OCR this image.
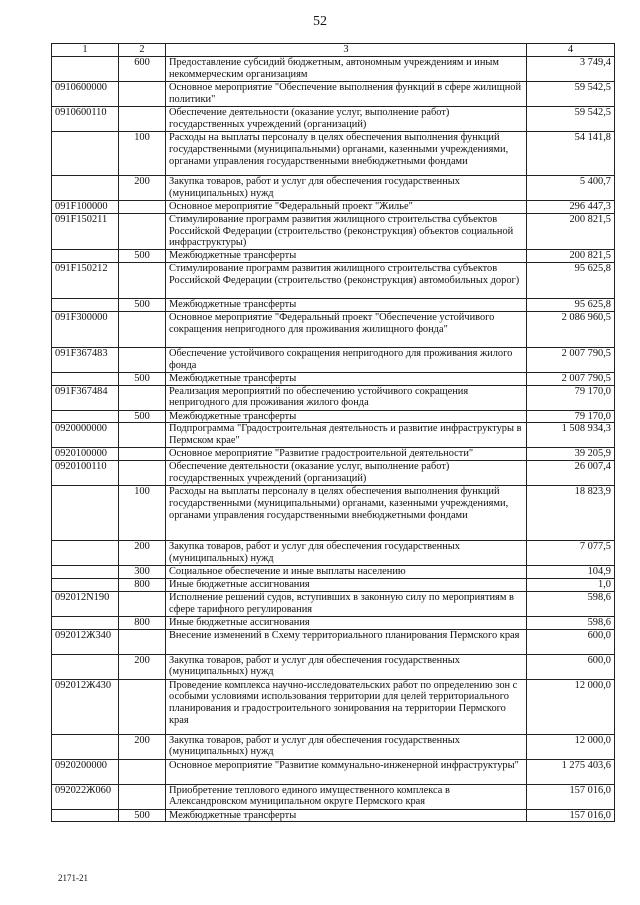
52
1	2	3	4
	600	Предоставление субсидий бюджетным, автономным учреждениям и иным некоммерческим организациям	3 749,4
0910600000		Основное мероприятие "Обеспечение выполнения функций в сфере жилищной политики"	59 542,5
0910600110		Обеспечение деятельности (оказание услуг, выполнение работ) государственных учреждений (организаций)	59 542,5
	100	Расходы на выплаты персоналу в целях обеспечения выполнения функций государственными (муниципальными) органами, казенными учреждениями, органами управления государственными внебюджетными фондами	54 141,8
	200	Закупка товаров, работ и услуг для обеспечения государственных (муниципальных) нужд	5 400,7
091F100000		Основное мероприятие "Федеральный проект "Жилье"	296 447,3
091F150211		Стимулирование программ развития жилищного строительства субъектов Российской Федерации (строительство (реконструкция) объектов социальной инфраструктуры)	200 821,5
	500	Межбюджетные трансферты	200 821,5
091F150212		Стимулирование программ развития жилищного строительства субъектов Российской Федерации (строительство (реконструкция) автомобильных дорог)	95 625,8
	500	Межбюджетные трансферты	95 625,8
091F300000		Основное мероприятие "Федеральный проект "Обеспечение устойчивого сокращения непригодного для проживания жилищного фонда"	2 086 960,5
091F367483		Обеспечение устойчивого сокращения непригодного для проживания жилого фонда	2 007 790,5
	500	Межбюджетные трансферты	2 007 790,5
091F367484		Реализация мероприятий по обеспечению устойчивого сокращения непригодного для проживания жилого фонда	79 170,0
	500	Межбюджетные трансферты	79 170,0
0920000000		Подпрограмма "Градостроительная деятельность и развитие инфраструктуры в Пермском крае"	1 508 934,3
0920100000		Основное мероприятие "Развитие градостроительной деятельности"	39 205,9
0920100110		Обеспечение деятельности (оказание услуг, выполнение работ) государственных учреждений (организаций)	26 007,4
	100	Расходы на выплаты персоналу в целях обеспечения выполнения функций государственными (муниципальными) органами, казенными учреждениями, органами управления государственными внебюджетными фондами	18 823,9
	200	Закупка товаров, работ и услуг для обеспечения государственных (муниципальных) нужд	7 077,5
	300	Социальное обеспечение и иные выплаты населению	104,9
	800	Иные бюджетные ассигнования	1,0
092012N190		Исполнение решений судов, вступивших в законную силу по мероприятиям в сфере тарифного регулирования	598,6
	800	Иные бюджетные ассигнования	598,6
092012Ж340		Внесение изменений в Схему территориального планирования Пермского края	600,0
	200	Закупка товаров, работ и услуг для обеспечения государственных (муниципальных) нужд	600,0
092012Ж430		Проведение комплекса научно-исследовательских работ по определению зон с особыми условиями использования территории для целей территориального планирования и градостроительного зонирования на территории Пермского края	12 000,0
	200	Закупка товаров, работ и услуг для обеспечения государственных (муниципальных) нужд	12 000,0
0920200000		Основное мероприятие "Развитие коммунально-инженерной инфраструктуры"	1 275 403,6
092022Ж060		Приобретение теплового единого имущественного комплекса в Александровском муниципальном округе Пермского края	157 016,0
	500	Межбюджетные трансферты	157 016,0
2171-21
